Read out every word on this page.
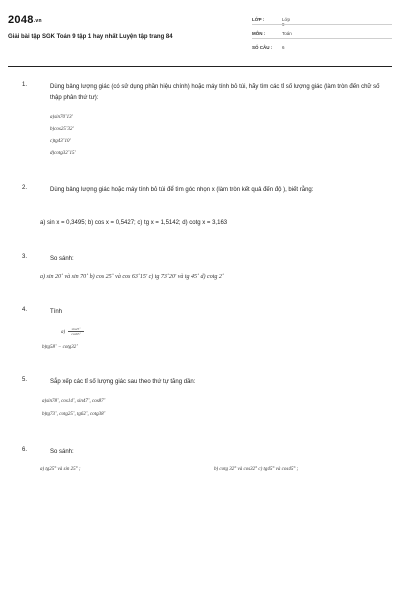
2048.vn
Giải bài tập SGK Toán 9 tập 1 hay nhất Luyện tập trang 84
LỚP :	Lớp 9
MÔN :	Toán
SỐ CÂU :	6
1.	Dùng bảng lượng giác (có sử dụng phần hiệu chính) hoặc máy tính bỏ túi, hãy tìm các tỉ số lượng giác (làm tròn đến chữ số thập phân thứ tư):
a)sin70˚13'
b)cos25˚32'
c)tg43˚10'
d)cotg32˚15'
2.	Dùng bảng lượng giác hoặc máy tính bỏ túi để tìm góc nhọn x (làm tròn kết quả đến độ ), biết rằng:
a) sin x = 0,3495; b) cos x = 0,5427; c) tg x = 1,5142; d) cotg x = 3,163
3.	So sánh:
a) sin 20˚ và sin 70˚ b) cos 25˚ và cos 63˚15' c) tg 73˚20' và tg 45˚ d) cotg 2˚
4.	Tính
$a) \frac{\sin 25˚}{\cos 65˚}$
b)tg58˚ − cotg32˚
5.	Sắp xếp các tỉ số lượng giác sau theo thứ tự tăng dần:
a)sin78˚, cos14˚, sin47˚, cos87˚
b)tg73˚, cotg25˚, tg62˚, cotg38˚
6.	So sánh:
a) tg25° và sin 25° ;	b) cotg 32° và cos32° c) tg45° và cos45° ;
